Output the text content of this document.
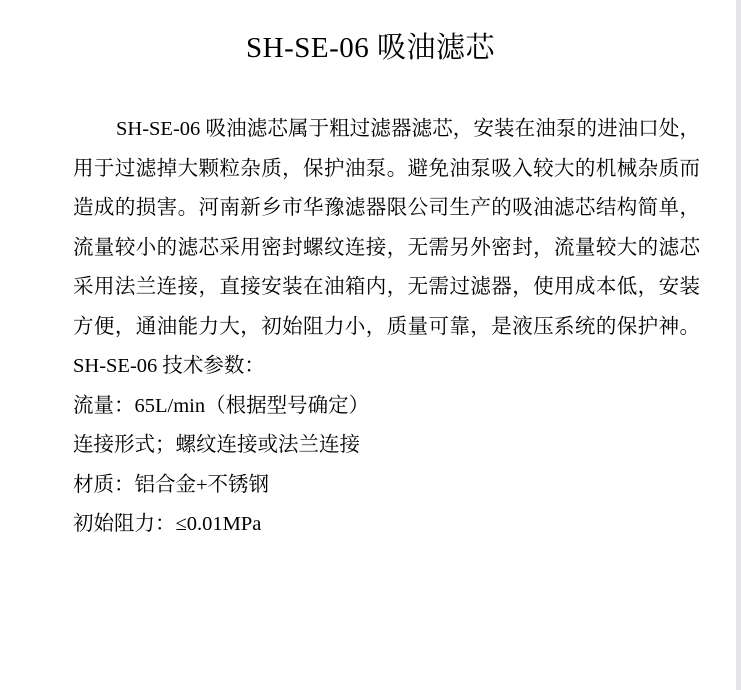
SH-SE-06 吸油滤芯
SH-SE-06 吸油滤芯属于粗过滤器滤芯，安装在油泵的进油口处，
用于过滤掉大颗粒杂质，保护油泵。避免油泵吸入较大的机械杂质而
造成的损害。河南新乡市华豫滤器限公司生产的吸油滤芯结构简单，
流量较小的滤芯采用密封螺纹连接，无需另外密封，流量较大的滤芯
采用法兰连接，直接安装在油箱内，无需过滤器，使用成本低，安装
方便，通油能力大，初始阻力小，质量可靠，是液压系统的保护神。
SH-SE-06 技术参数：
流量：65L/min（根据型号确定）
连接形式；螺纹连接或法兰连接
材质：铝合金+不锈钢
初始阻力：≤0.01MPa
